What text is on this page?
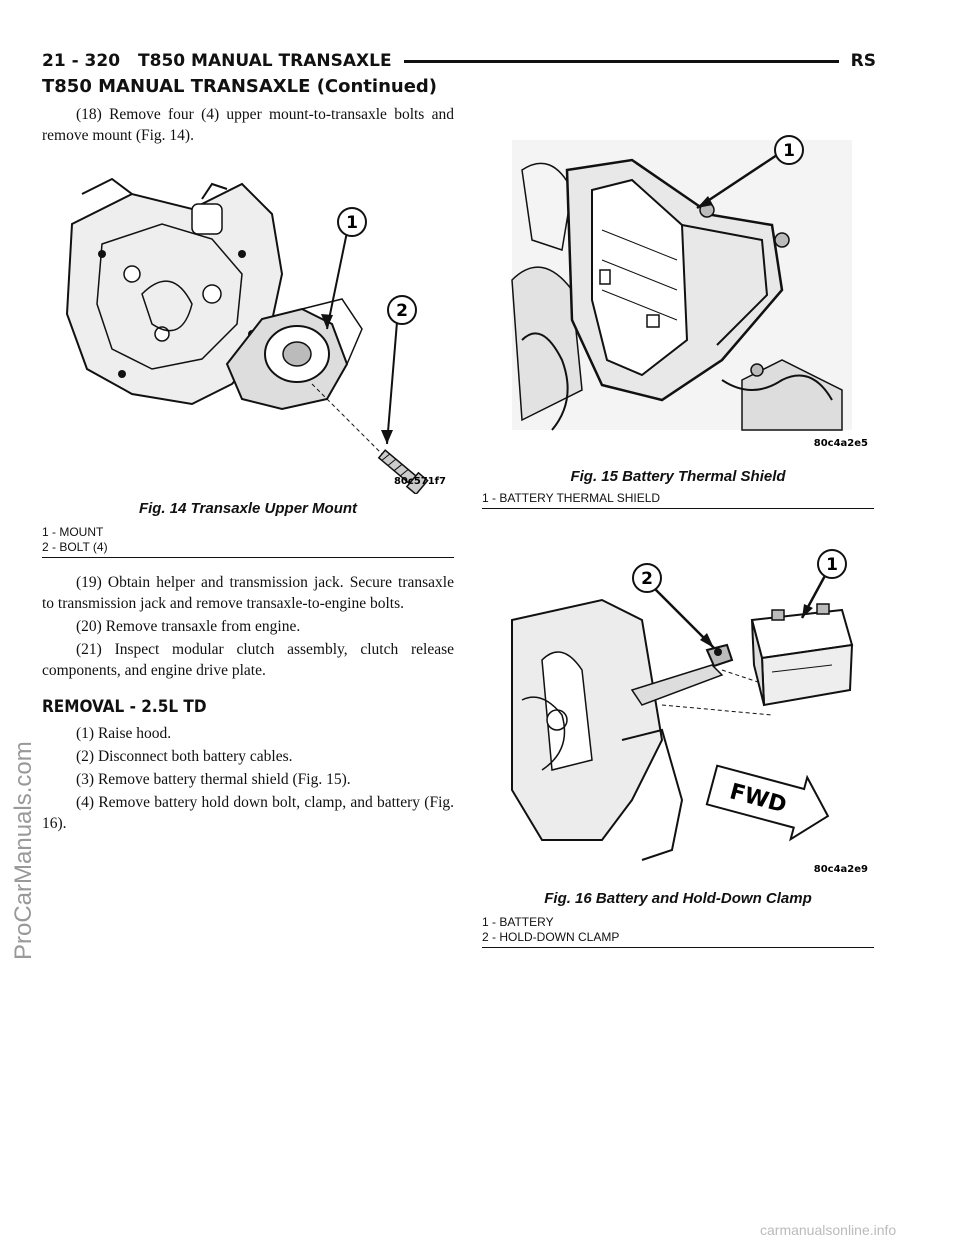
21 - 320 T850 MANUAL TRANSAXLE	RS
T850 MANUAL TRANSAXLE (Continued)

(18) Remove four (4) upper mount-to-transaxle bolts and remove mount (Fig. 14).

1
2
80c571f7

Fig. 14 Transaxle Upper Mount

1 - MOUNT
2 - BOLT (4)

(19) Obtain helper and transmission jack. Secure transaxle to transmission jack and remove transaxle-to-engine bolts.

(20) Remove transaxle from engine.

(21) Inspect modular clutch assembly, clutch release components, and engine drive plate.

REMOVAL - 2.5L TD

(1) Raise hood.

(2) Disconnect both battery cables.

(3) Remove battery thermal shield (Fig. 15).

(4) Remove battery hold down bolt, clamp, and battery (Fig. 16).

1
80c4a2e5

Fig. 15 Battery Thermal Shield

1 - BATTERY THERMAL SHIELD
FWD
2
1
80c4a2e9

Fig. 16 Battery and Hold-Down Clamp

1 - BATTERY
2 - HOLD-DOWN CLAMP
ProCarManuals.com
carmanualsonline.info
